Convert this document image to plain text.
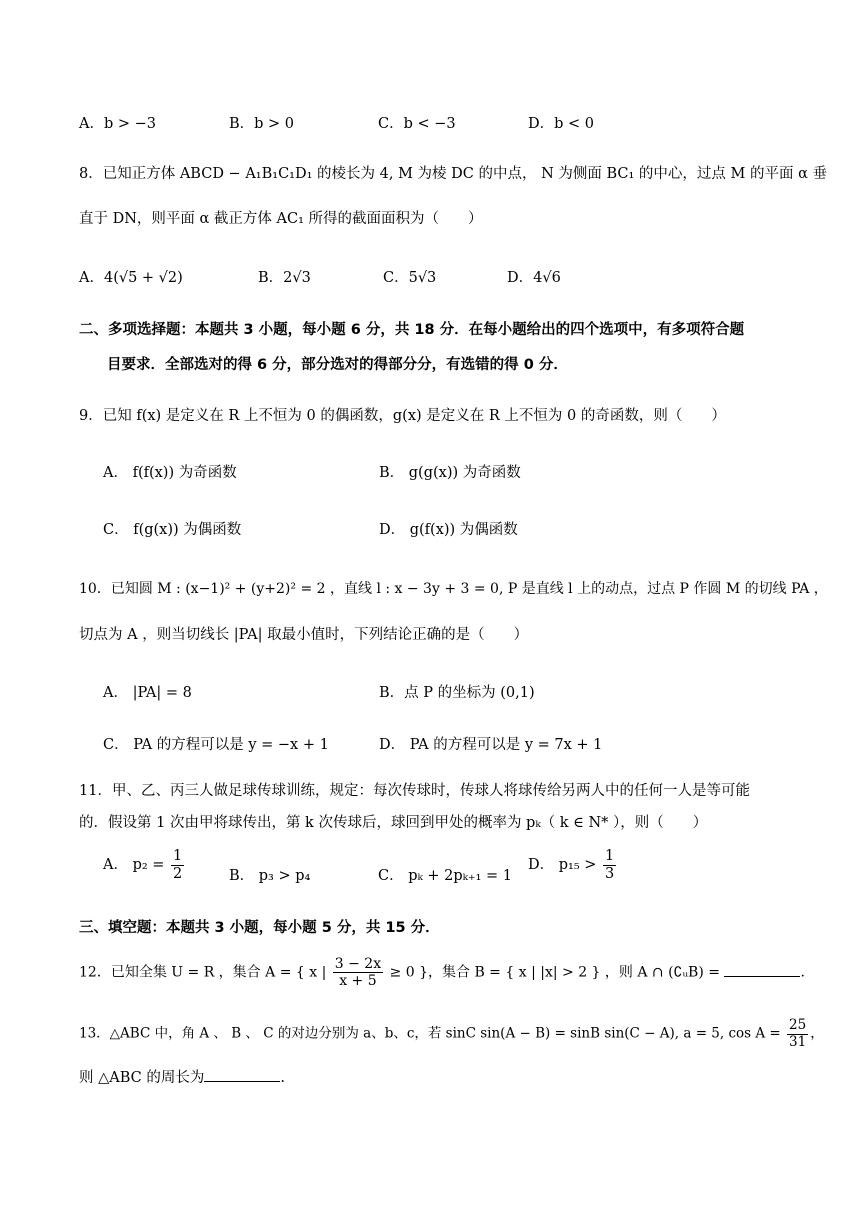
A．b > −3	B．b > 0	C．b < −3	D．b < 0
8．已知正方体 ABCD − A₁B₁C₁D₁ 的棱长为 4, M 为棱 DC 的中点， N 为侧面 BC₁ 的中心，过点 M 的平面 α 垂
直于 DN，则平面 α 截正方体 AC₁ 所得的截面面积为（　　）
A．4(√5 + √2)	B．2√3	C．5√3	D．4√6
二、多项选择题：本题共 3 小题，每小题 6 分，共 18 分．在每小题给出的四个选项中，有多项符合题
目要求．全部选对的得 6 分，部分选对的得部分分，有选错的得 0 分．
9．已知 f(x) 是定义在 R 上不恒为 0 的偶函数，g(x) 是定义在 R 上不恒为 0 的奇函数，则（　　）
A． f(f(x)) 为奇函数	B． g(g(x)) 为奇函数
C． f(g(x)) 为偶函数	D． g(f(x)) 为偶函数
10．已知圆 M : (x−1)² + (y+2)² = 2 ，直线 l : x − 3y + 3 = 0, P 是直线 l 上的动点，过点 P 作圆 M 的切线 PA ，
切点为 A ，则当切线长 |PA| 取最小值时，下列结论正确的是（　　）
A． |PA| = 8	B．点 P 的坐标为 (0,1)
C． PA 的方程可以是 y = −x + 1	D． PA 的方程可以是 y = 7x + 1
11．甲、乙、丙三人做足球传球训练，规定：每次传球时，传球人将球传给另两人中的任何一人是等可能
的．假设第 1 次由甲将球传出，第 k 次传球后，球回到甲处的概率为 pₖ（ k ∈ N* ），则（　　）
A． $p_2 = \frac{1}{2}$	B． p₃ > p₄	C． pₖ + 2pₖ₊₁ = 1
D． $p_{15} > \frac{1}{3}$
三、填空题：本题共 3 小题，每小题 5 分，共 15 分．
12．已知全集 U = R ，集合 A = { x | $\frac{3 - 2x}{x + 5} \ge 0$ }，集合 B = { x | |x| > 2 } ，则 A ∩ (∁ᵤB) =	.
13．△ABC 中，角 A 、 B 、 C 的对边分别为 a、b、c，若 sinC sin(A − B) = sinB sin(C − A), a = 5, $\cos A = \frac{25}{31}$ ，
则 △ABC 的周长为	.
